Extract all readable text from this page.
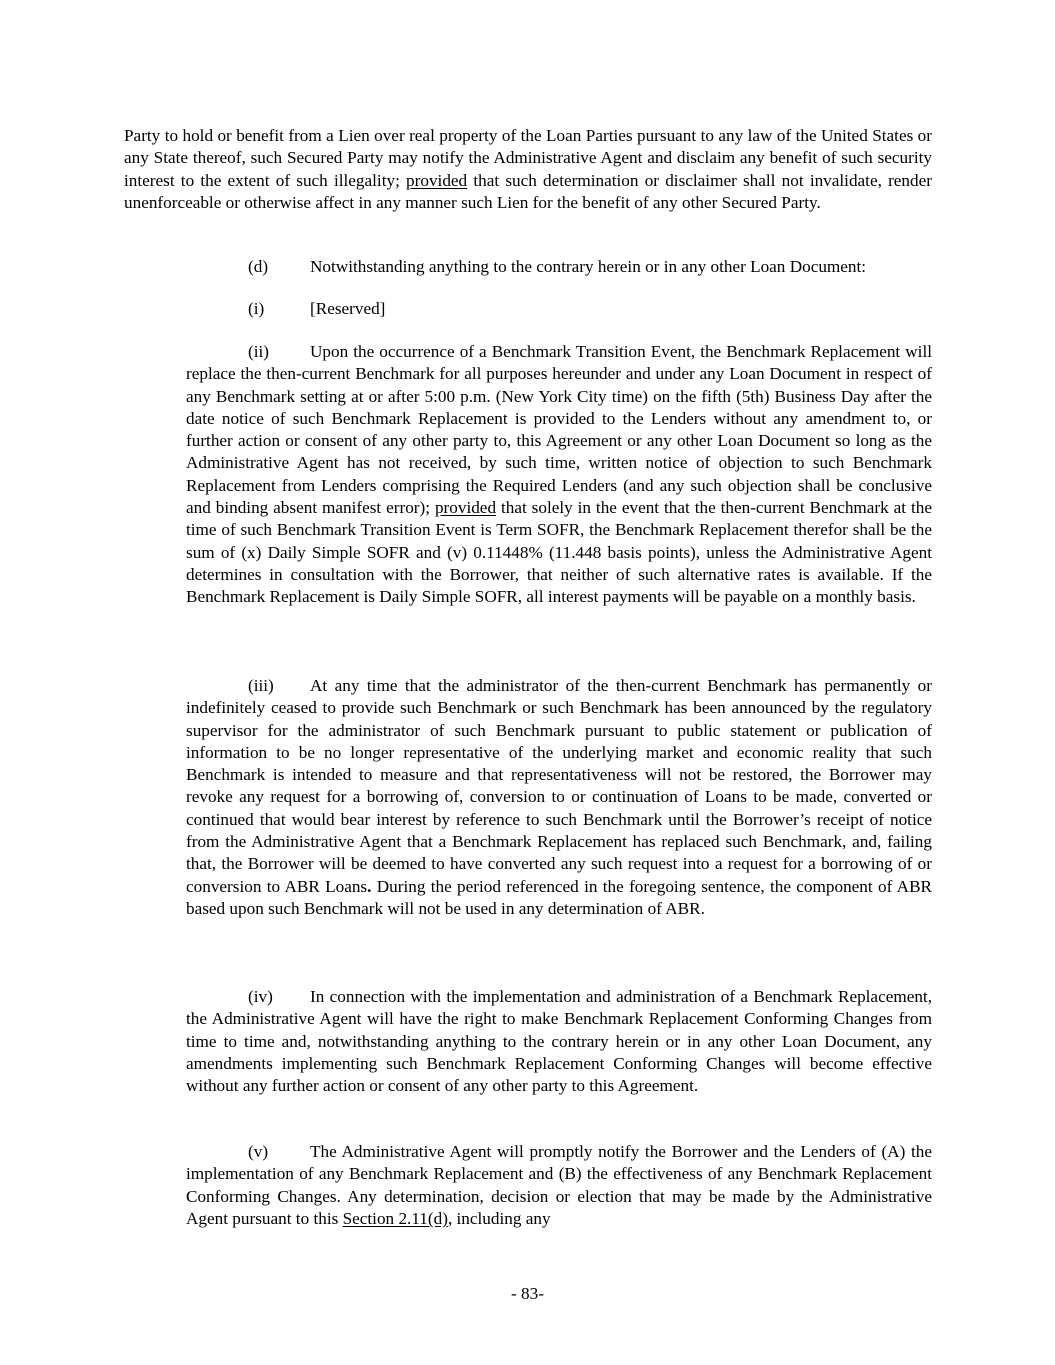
Party to hold or benefit from a Lien over real property of the Loan Parties pursuant to any law of the United States or any State thereof, such Secured Party may notify the Administrative Agent and disclaim any benefit of such security interest to the extent of such illegality; provided that such determination or disclaimer shall not invalidate, render unenforceable or otherwise affect in any manner such Lien for the benefit of any other Secured Party.

(d) Notwithstanding anything to the contrary herein or in any other Loan Document:
(i)	[Reserved]

(ii) Upon the occurrence of a Benchmark Transition Event, the Benchmark Replacement will replace the then-current Benchmark for all purposes hereunder and under any Loan Document in respect of any Benchmark setting at or after 5:00 p.m. (New York City time) on the fifth (5th) Business Day after the date notice of such Benchmark Replacement is provided to the Lenders without any amendment to, or further action or consent of any other party to, this Agreement or any other Loan Document so long as the Administrative Agent has not received, by such time, written notice of objection to such Benchmark Replacement from Lenders comprising the Required Lenders (and any such objection shall be conclusive and binding absent manifest error); provided that solely in the event that the then-current Benchmark at the time of such Benchmark Transition Event is Term SOFR, the Benchmark Replacement therefor shall be the sum of (x) Daily Simple SOFR and (v) 0.11448% (11.448 basis points), unless the Administrative Agent determines in consultation with the Borrower, that neither of such alternative rates is available. If the Benchmark Replacement is Daily Simple SOFR, all interest payments will be payable on a monthly basis.

(iii) At any time that the administrator of the then-current Benchmark has permanently or indefinitely ceased to provide such Benchmark or such Benchmark has been announced by the regulatory supervisor for the administrator of such Benchmark pursuant to public statement or publication of information to be no longer representative of the underlying market and economic reality that such Benchmark is intended to measure and that representativeness will not be restored, the Borrower may revoke any request for a borrowing of, conversion to or continuation of Loans to be made, converted or continued that would bear interest by reference to such Benchmark until the Borrower’s receipt of notice from the Administrative Agent that a Benchmark Replacement has replaced such Benchmark, and, failing that, the Borrower will be deemed to have converted any such request into a request for a borrowing of or conversion to ABR Loans. During the period referenced in the foregoing sentence, the component of ABR based upon such Benchmark will not be used in any determination of ABR.

(iv) In connection with the implementation and administration of a Benchmark Replacement, the Administrative Agent will have the right to make Benchmark Replacement Conforming Changes from time to time and, notwithstanding anything to the contrary herein or in any other Loan Document, any amendments implementing such Benchmark Replacement Conforming Changes will become effective without any further action or consent of any other party to this Agreement.

(v) The Administrative Agent will promptly notify the Borrower and the Lenders of (A) the implementation of any Benchmark Replacement and (B) the effectiveness of any Benchmark Replacement Conforming Changes. Any determination, decision or election that may be made by the Administrative Agent pursuant to this Section 2.11(d), including any

- 83-
